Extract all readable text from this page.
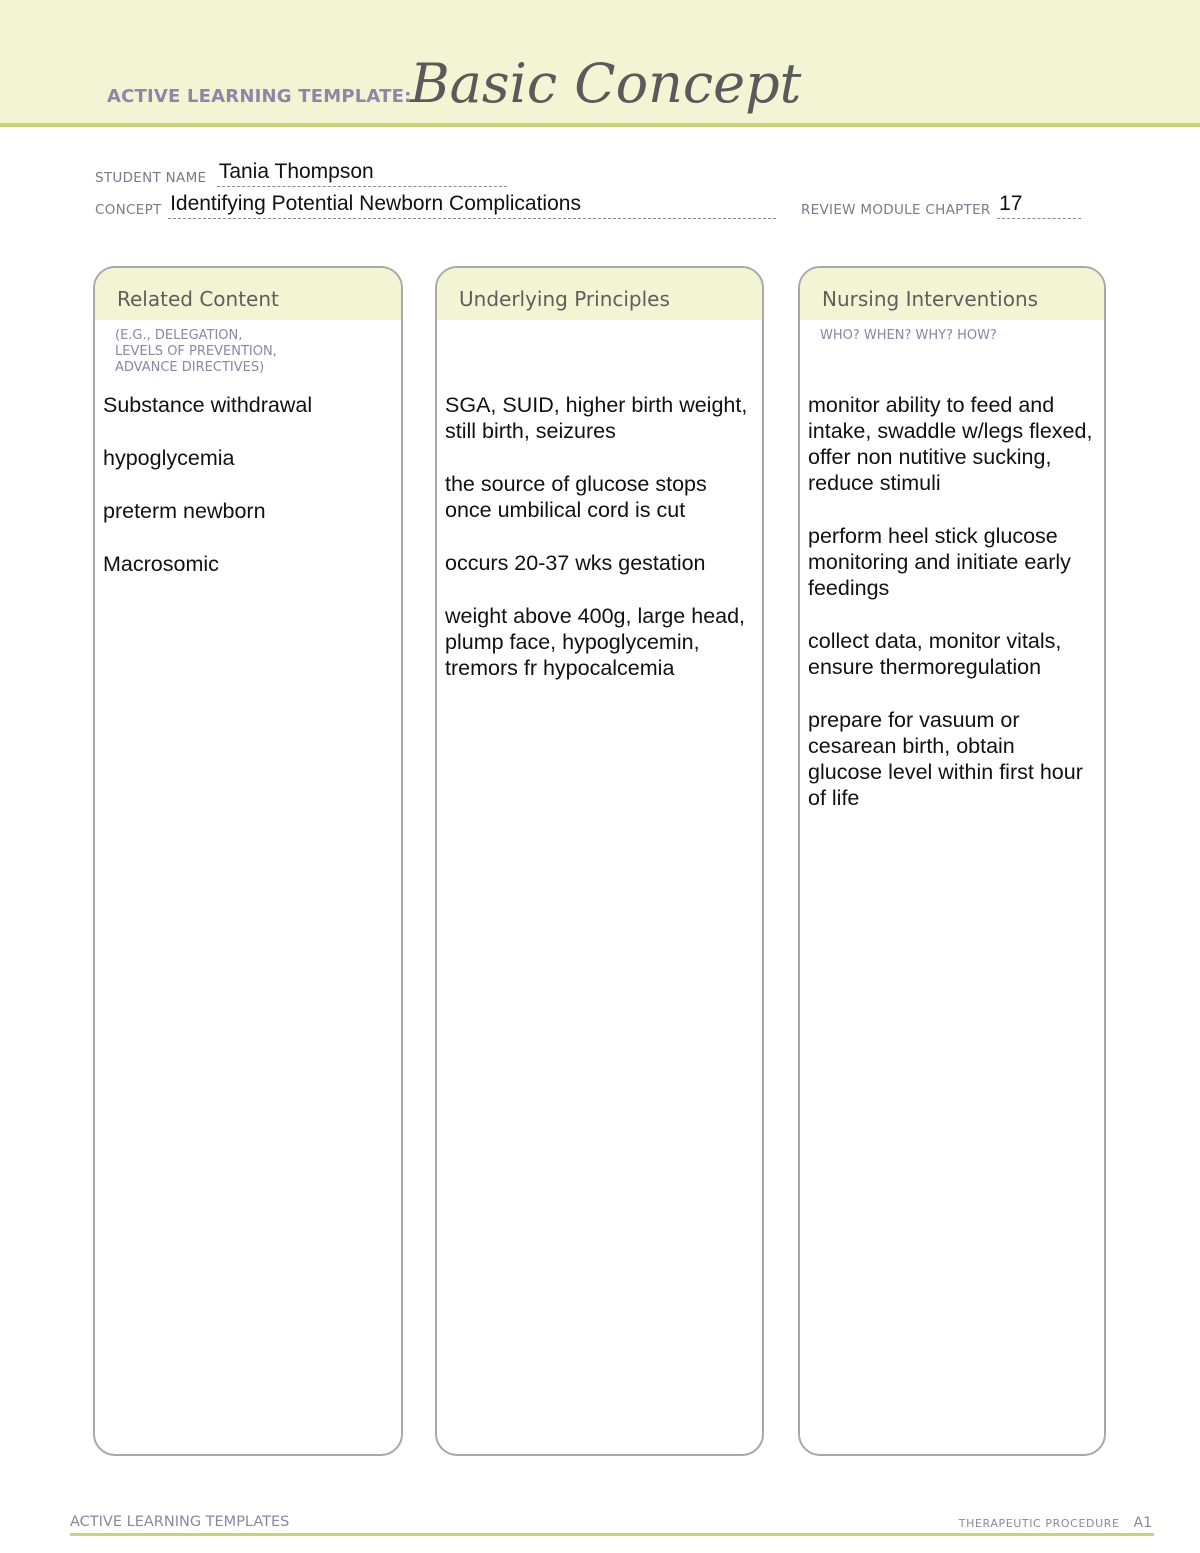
ACTIVE LEARNING TEMPLATE:
Basic Concept
STUDENT NAME Tania Thompson
CONCEPT Identifying Potential Newborn Complications	REVIEW MODULE CHAPTER 17
Related Content
(E.G., DELEGATION,
LEVELS OF PREVENTION,
ADVANCE DIRECTIVES)
Substance withdrawal
hypoglycemia
preterm newborn
Macrosomic
Underlying Principles
SGA, SUID, higher birth weight, still birth, seizures
the source of glucose stops once umbilical cord is cut
occurs 20-37 wks gestation
weight above 400g, large head, plump face, hypoglycemin, tremors fr hypocalcemia
Nursing Interventions
WHO? WHEN? WHY? HOW?
monitor ability to feed and intake, swaddle w/legs flexed, offer non nutitive sucking, reduce stimuli
perform heel stick glucose monitoring and initiate early feedings
collect data, monitor vitals, ensure thermoregulation
prepare for vasuum or cesarean birth, obtain glucose level within first hour of life
ACTIVE LEARNING TEMPLATES	THERAPEUTIC PROCEDURE A1
